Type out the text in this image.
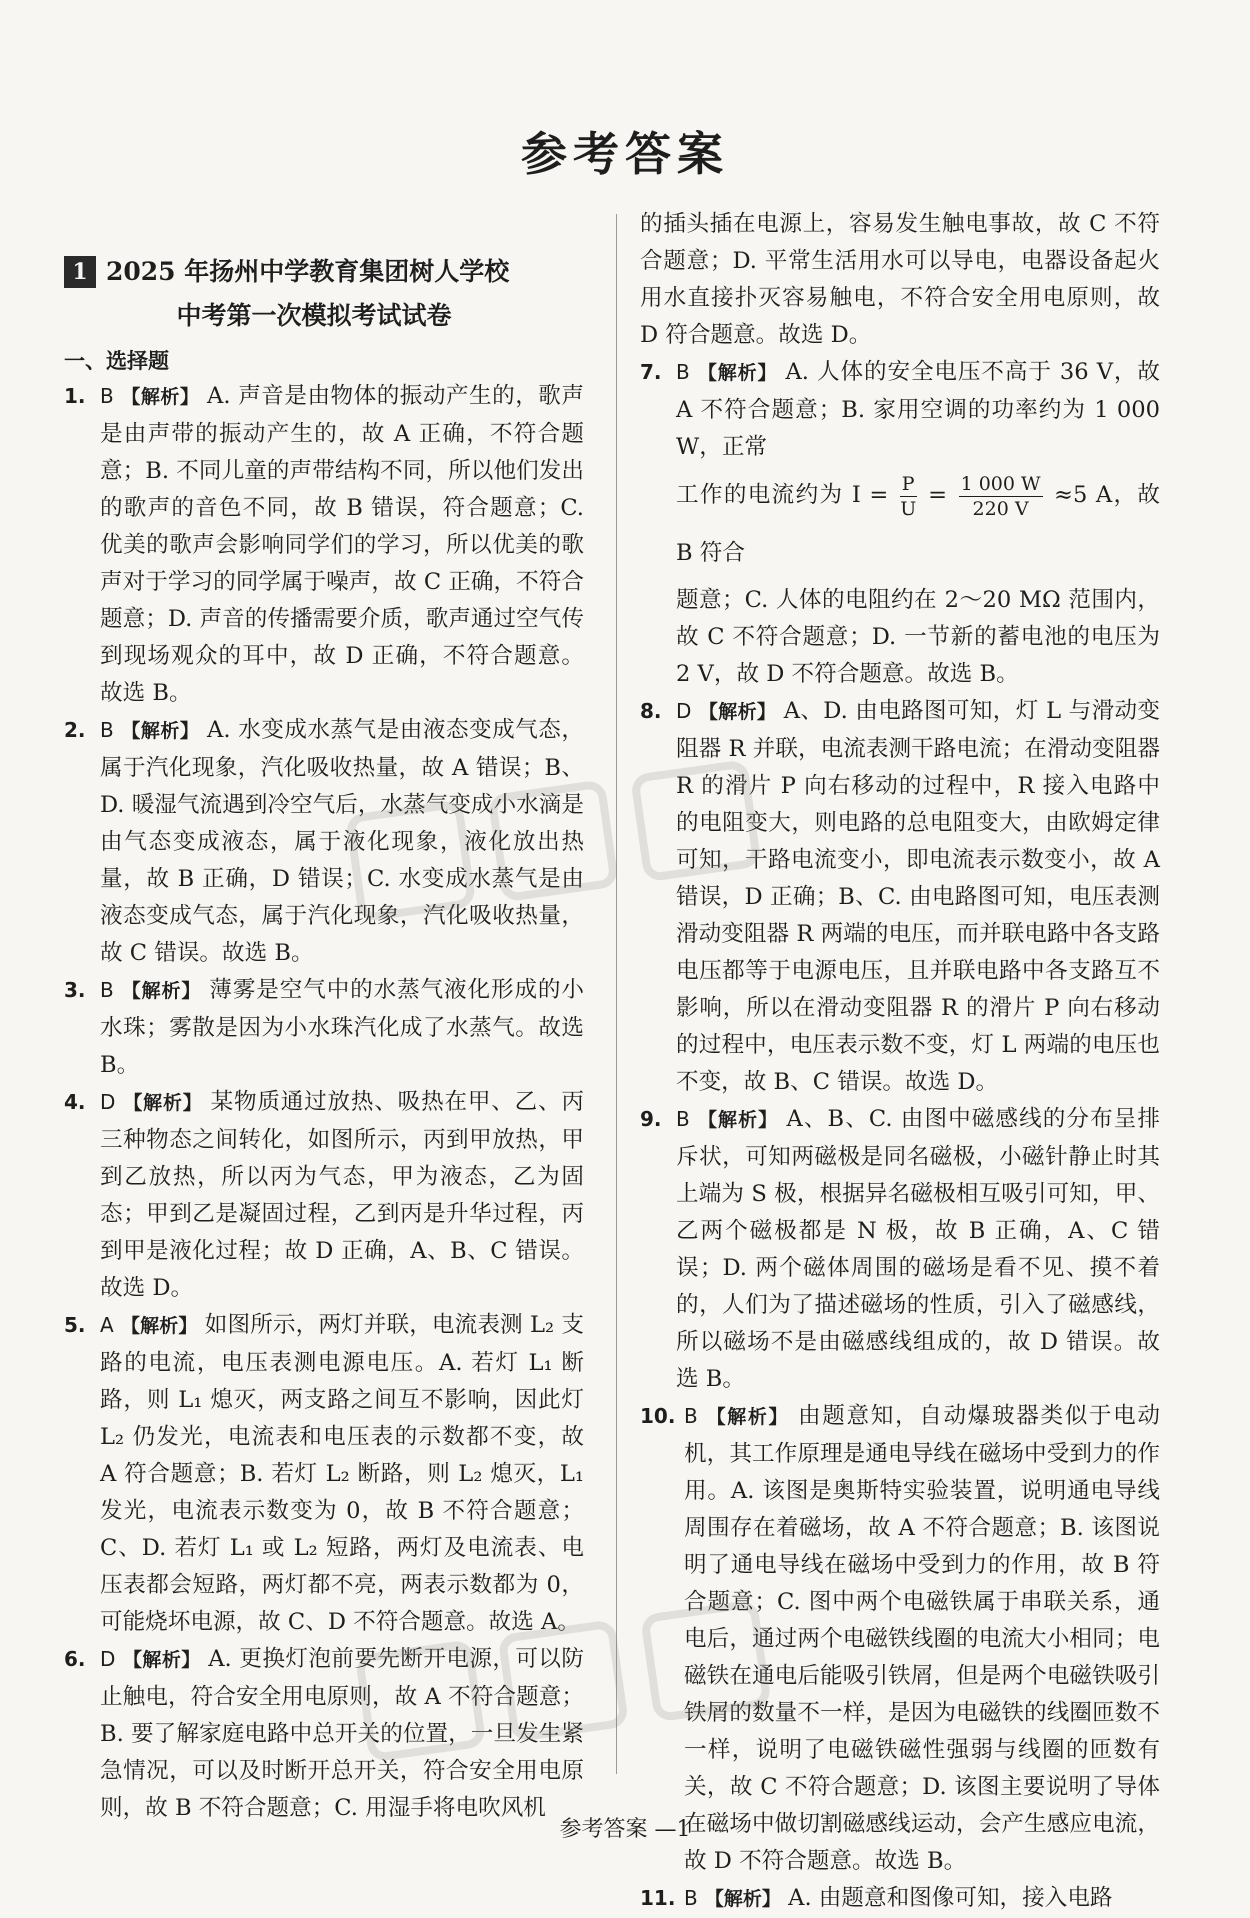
参考答案
1 2025 年扬州中学教育集团树人学校
中考第一次模拟考试试卷
一、选择题
1. B 【解析】 A. 声音是由物体的振动产生的，歌声是由声带的振动产生的，故 A 正确，不符合题意；B. 不同儿童的声带结构不同，所以他们发出的歌声的音色不同，故 B 错误，符合题意；C. 优美的歌声会影响同学们的学习，所以优美的歌声对于学习的同学属于噪声，故 C 正确，不符合题意；D. 声音的传播需要介质，歌声通过空气传到现场观众的耳中，故 D 正确，不符合题意。故选 B。
2. B 【解析】 A. 水变成水蒸气是由液态变成气态，属于汽化现象，汽化吸收热量，故 A 错误；B、D. 暖湿气流遇到冷空气后，水蒸气变成小水滴是由气态变成液态，属于液化现象，液化放出热量，故 B 正确，D 错误；C. 水变成水蒸气是由液态变成气态，属于汽化现象，汽化吸收热量，故 C 错误。故选 B。
3. B 【解析】 薄雾是空气中的水蒸气液化形成的小水珠；雾散是因为小水珠汽化成了水蒸气。故选 B。
4. D 【解析】 某物质通过放热、吸热在甲、乙、丙三种物态之间转化，如图所示，丙到甲放热，甲到乙放热，所以丙为气态，甲为液态，乙为固态；甲到乙是凝固过程，乙到丙是升华过程，丙到甲是液化过程；故 D 正确，A、B、C 错误。故选 D。
5. A 【解析】 如图所示，两灯并联，电流表测 L₂ 支路的电流，电压表测电源电压。A. 若灯 L₁ 断路，则 L₁ 熄灭，两支路之间互不影响，因此灯 L₂ 仍发光，电流表和电压表的示数都不变，故 A 符合题意；B. 若灯 L₂ 断路，则 L₂ 熄灭，L₁ 发光，电流表示数变为 0，故 B 不符合题意；C、D. 若灯 L₁ 或 L₂ 短路，两灯及电流表、电压表都会短路，两灯都不亮，两表示数都为 0，可能烧坏电源，故 C、D 不符合题意。故选 A。
6. D 【解析】 A. 更换灯泡前要先断开电源，可以防止触电，符合安全用电原则，故 A 不符合题意；B. 要了解家庭电路中总开关的位置，一旦发生紧急情况，可以及时断开总开关，符合安全用电原则，故 B 不符合题意；C. 用湿手将电吹风机
的插头插在电源上，容易发生触电事故，故 C 不符合题意；D. 平常生活用水可以导电，电器设备起火用水直接扑灭容易触电，不符合安全用电原则，故 D 符合题意。故选 D。
7. B 【解析】 A. 人体的安全电压不高于 36 V，故 A 不符合题意；B. 家用空调的功率约为 1 000 W，正常
工作的电流约为 $I = \frac{P}{U} = \frac{1 000 W}{220 V} \approx 5$ A，故 B 符合
题意；C. 人体的电阻约在 2～20 MΩ 范围内，故 C 不符合题意；D. 一节新的蓄电池的电压为 2 V，故 D 不符合题意。故选 B。
8. D 【解析】 A、D. 由电路图可知，灯 L 与滑动变阻器 R 并联，电流表测干路电流；在滑动变阻器 R 的滑片 P 向右移动的过程中，R 接入电路中的电阻变大，则电路的总电阻变大，由欧姆定律可知，干路电流变小，即电流表示数变小，故 A 错误，D 正确；B、C. 由电路图可知，电压表测滑动变阻器 R 两端的电压，而并联电路中各支路电压都等于电源电压，且并联电路中各支路互不影响，所以在滑动变阻器 R 的滑片 P 向右移动的过程中，电压表示数不变，灯 L 两端的电压也不变，故 B、C 错误。故选 D。
9. B 【解析】 A、B、C. 由图中磁感线的分布呈排斥状，可知两磁极是同名磁极，小磁针静止时其上端为 S 极，根据异名磁极相互吸引可知，甲、乙两个磁极都是 N 极，故 B 正确，A、C 错误；D. 两个磁体周围的磁场是看不见、摸不着的，人们为了描述磁场的性质，引入了磁感线，所以磁场不是由磁感线组成的，故 D 错误。故选 B。
10. B 【解析】 由题意知，自动爆玻器类似于电动机，其工作原理是通电导线在磁场中受到力的作用。A. 该图是奥斯特实验装置，说明通电导线周围存在着磁场，故 A 不符合题意；B. 该图说明了通电导线在磁场中受到力的作用，故 B 符合题意；C. 图中两个电磁铁属于串联关系，通电后，通过两个电磁铁线圈的电流大小相同；电磁铁在通电后能吸引铁屑，但是两个电磁铁吸引铁屑的数量不一样，是因为电磁铁的线圈匝数不一样，说明了电磁铁磁性强弱与线圈的匝数有关，故 C 不符合题意；D. 该图主要说明了导体在磁场中做切割磁感线运动，会产生感应电流，故 D 不符合题意。故选 B。
11. B 【解析】 A. 由题意和图像可知，接入电路
参考答案 —1
